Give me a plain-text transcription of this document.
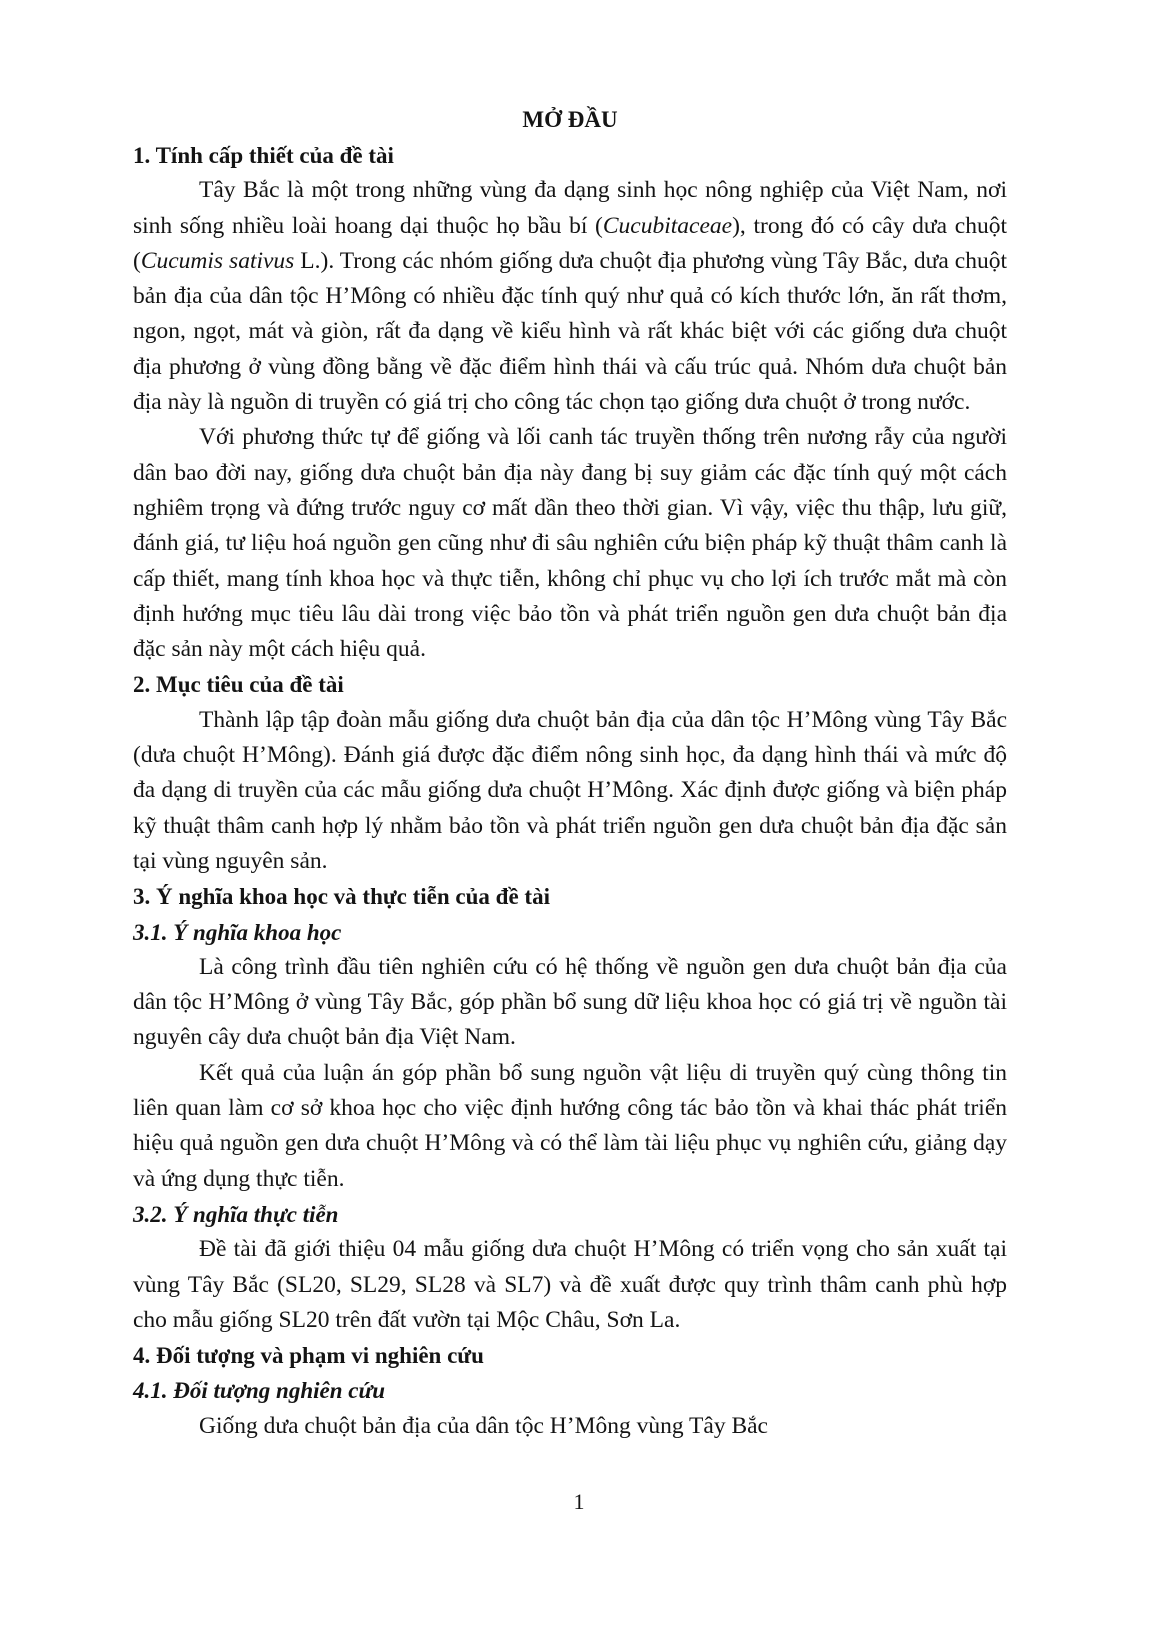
MỞ ĐẦU

1. Tính cấp thiết của đề tài

Tây Bắc là một trong những vùng đa dạng sinh học nông nghiệp của Việt Nam, nơi sinh sống nhiều loài hoang dại thuộc họ bầu bí (Cucubitaceae), trong đó có cây dưa chuột (Cucumis sativus L.). Trong các nhóm giống dưa chuột địa phương vùng Tây Bắc, dưa chuột bản địa của dân tộc H’Mông có nhiều đặc tính quý như quả có kích thước lớn, ăn rất thơm, ngon, ngọt, mát và giòn, rất đa dạng về kiểu hình và rất khác biệt với các giống dưa chuột địa phương ở vùng đồng bằng về đặc điểm hình thái và cấu trúc quả. Nhóm dưa chuột bản địa này là nguồn di truyền có giá trị cho công tác chọn tạo giống dưa chuột ở trong nước.

Với phương thức tự để giống và lối canh tác truyền thống trên nương rẫy của người dân bao đời nay, giống dưa chuột bản địa này đang bị suy giảm các đặc tính quý một cách nghiêm trọng và đứng trước nguy cơ mất dần theo thời gian. Vì vậy, việc thu thập, lưu giữ, đánh giá, tư liệu hoá nguồn gen cũng như đi sâu nghiên cứu biện pháp kỹ thuật thâm canh là cấp thiết, mang tính khoa học và thực tiễn, không chỉ phục vụ cho lợi ích trước mắt mà còn định hướng mục tiêu lâu dài trong việc bảo tồn và phát triển nguồn gen dưa chuột bản địa đặc sản này một cách hiệu quả.

2. Mục tiêu của đề tài

Thành lập tập đoàn mẫu giống dưa chuột bản địa của dân tộc H’Mông vùng Tây Bắc (dưa chuột H’Mông). Đánh giá được đặc điểm nông sinh học, đa dạng hình thái và mức độ đa dạng di truyền của các mẫu giống dưa chuột H’Mông. Xác định được giống và biện pháp kỹ thuật thâm canh hợp lý nhằm bảo tồn và phát triển nguồn gen dưa chuột bản địa đặc sản tại vùng nguyên sản.

3. Ý nghĩa khoa học và thực tiễn của đề tài

3.1. Ý nghĩa khoa học

Là công trình đầu tiên nghiên cứu có hệ thống về nguồn gen dưa chuột bản địa của dân tộc H’Mông ở vùng Tây Bắc, góp phần bổ sung dữ liệu khoa học có giá trị về nguồn tài nguyên cây dưa chuột bản địa Việt Nam.

Kết quả của luận án góp phần bổ sung nguồn vật liệu di truyền quý cùng thông tin liên quan làm cơ sở khoa học cho việc định hướng công tác bảo tồn và khai thác phát triển hiệu quả nguồn gen dưa chuột H’Mông và có thể làm tài liệu phục vụ nghiên cứu, giảng dạy và ứng dụng thực tiễn.

3.2. Ý nghĩa thực tiễn

Đề tài đã giới thiệu 04 mẫu giống dưa chuột H’Mông có triển vọng cho sản xuất tại vùng Tây Bắc (SL20, SL29, SL28 và SL7) và đề xuất được quy trình thâm canh phù hợp cho mẫu giống SL20 trên đất vườn tại Mộc Châu, Sơn La.

4. Đối tượng và phạm vi nghiên cứu

4.1. Đối tượng nghiên cứu

Giống dưa chuột bản địa của dân tộc H’Mông vùng Tây Bắc

1
